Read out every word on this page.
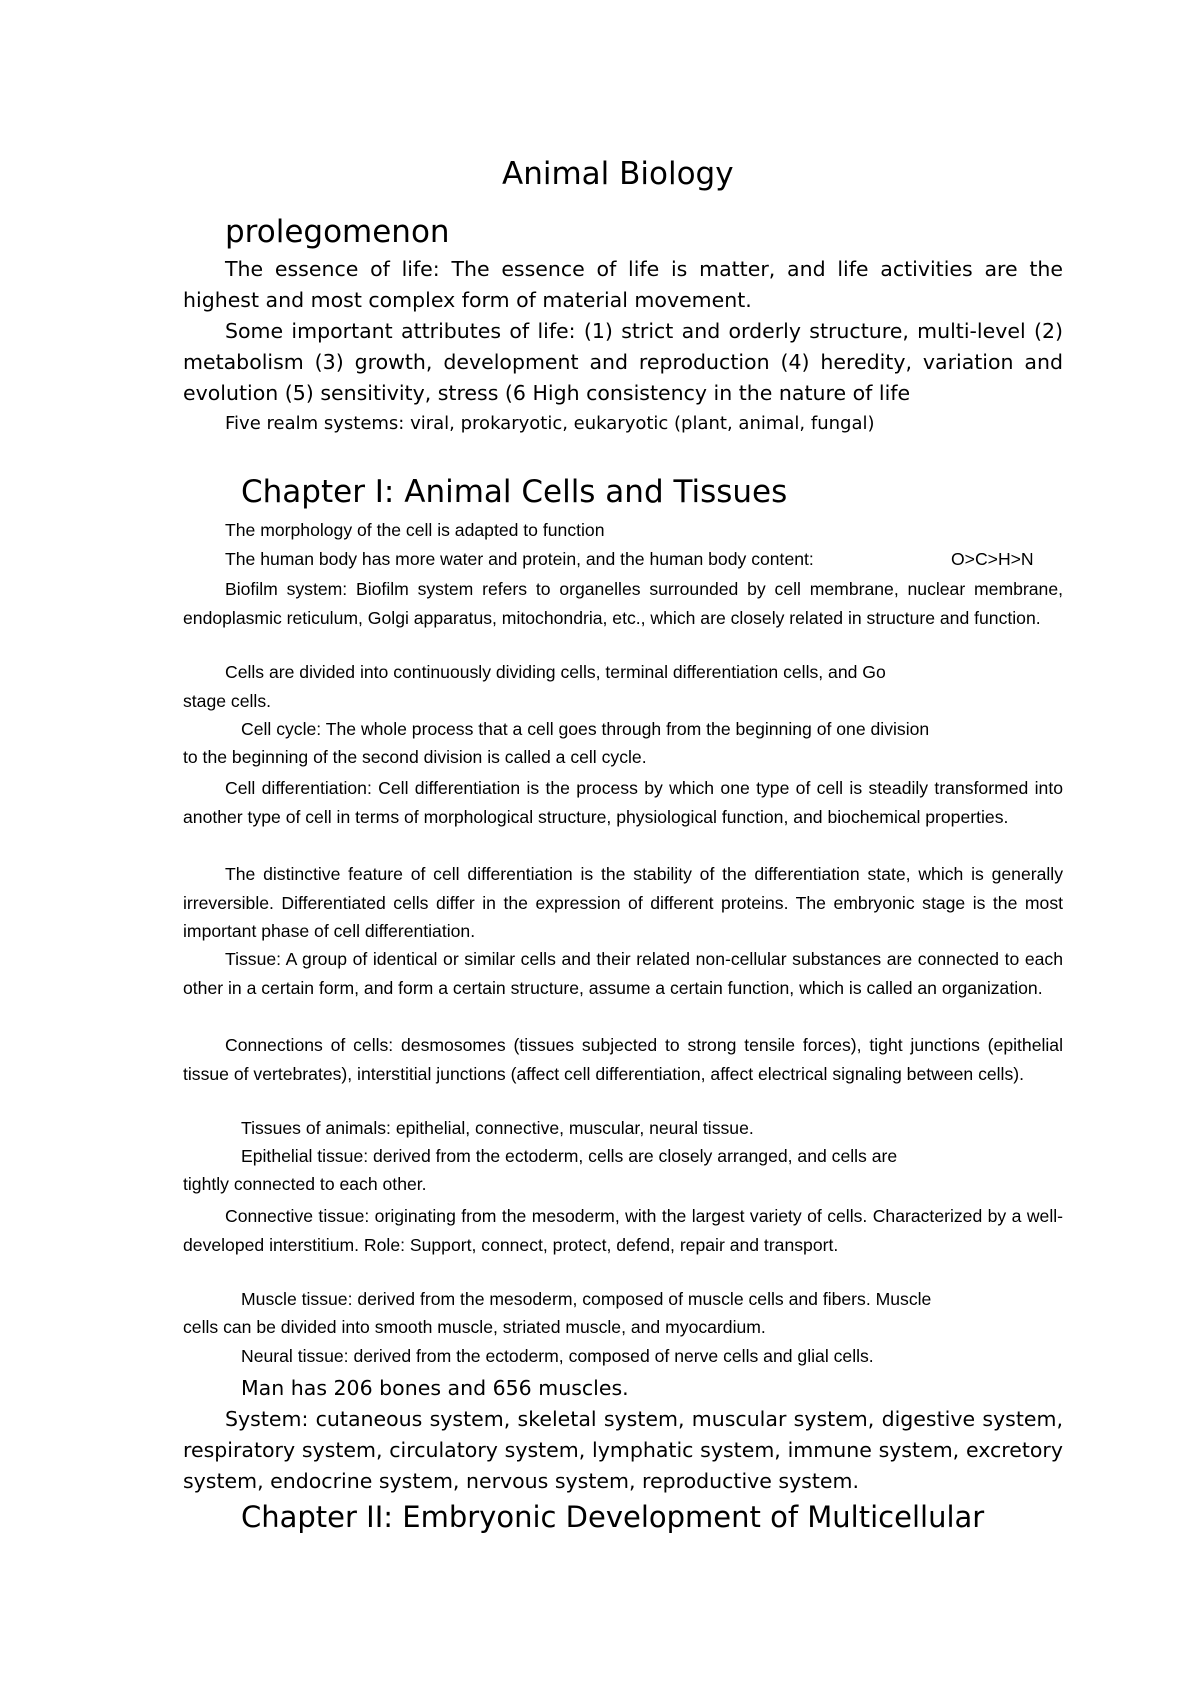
Animal Biology
prolegomenon

The essence of life: The essence of life is matter, and life activities are the highest and most complex form of material movement.

Some important attributes of life: (1) strict and orderly structure, multi-level (2) metabolism (3) growth, development and reproduction (4) heredity, variation and evolution (5) sensitivity, stress (6 High consistency in the nature of life

Five realm systems: viral, prokaryotic, eukaryotic (plant, animal, fungal)
Chapter I: Animal Cells and Tissues
The morphology of the cell is adapted to function
The human body has more water and protein, and the human body content:	O>C>H>N

Biofilm system: Biofilm system refers to organelles surrounded by cell membrane, nuclear membrane, endoplasmic reticulum, Golgi apparatus, mitochondria, etc., which are closely related in structure and function.

Cells are divided into continuously dividing cells, terminal differentiation cells, and Go
stage cells.
Cell cycle: The whole process that a cell goes through from the beginning of one division
to the beginning of the second division is called a cell cycle.

Cell differentiation: Cell differentiation is the process by which one type of cell is steadily transformed into another type of cell in terms of morphological structure, physiological function, and biochemical properties.

The distinctive feature of cell differentiation is the stability of the differentiation state, which is generally irreversible. Differentiated cells differ in the expression of different proteins. The embryonic stage is the most important phase of cell differentiation.

Tissue: A group of identical or similar cells and their related non-cellular substances are connected to each other in a certain form, and form a certain structure, assume a certain function, which is called an organization.

Connections of cells: desmosomes (tissues subjected to strong tensile forces), tight junctions (epithelial tissue of vertebrates), interstitial junctions (affect cell differentiation, affect electrical signaling between cells).

Tissues of animals: epithelial, connective, muscular, neural tissue.
Epithelial tissue: derived from the ectoderm, cells are closely arranged, and cells are
tightly connected to each other.

Connective tissue: originating from the mesoderm, with the largest variety of cells. Characterized by a well-developed interstitium. Role: Support, connect, protect, defend, repair and transport.

Muscle tissue: derived from the mesoderm, composed of muscle cells and fibers. Muscle
cells can be divided into smooth muscle, striated muscle, and myocardium.
Neural tissue: derived from the ectoderm, composed of nerve cells and glial cells.
Man has 206 bones and 656 muscles.

System: cutaneous system, skeletal system, muscular system, digestive system, respiratory system, circulatory system, lymphatic system, immune system, excretory system, endocrine system, nervous system, reproductive system.

Chapter II: Embryonic Development of Multicellular
